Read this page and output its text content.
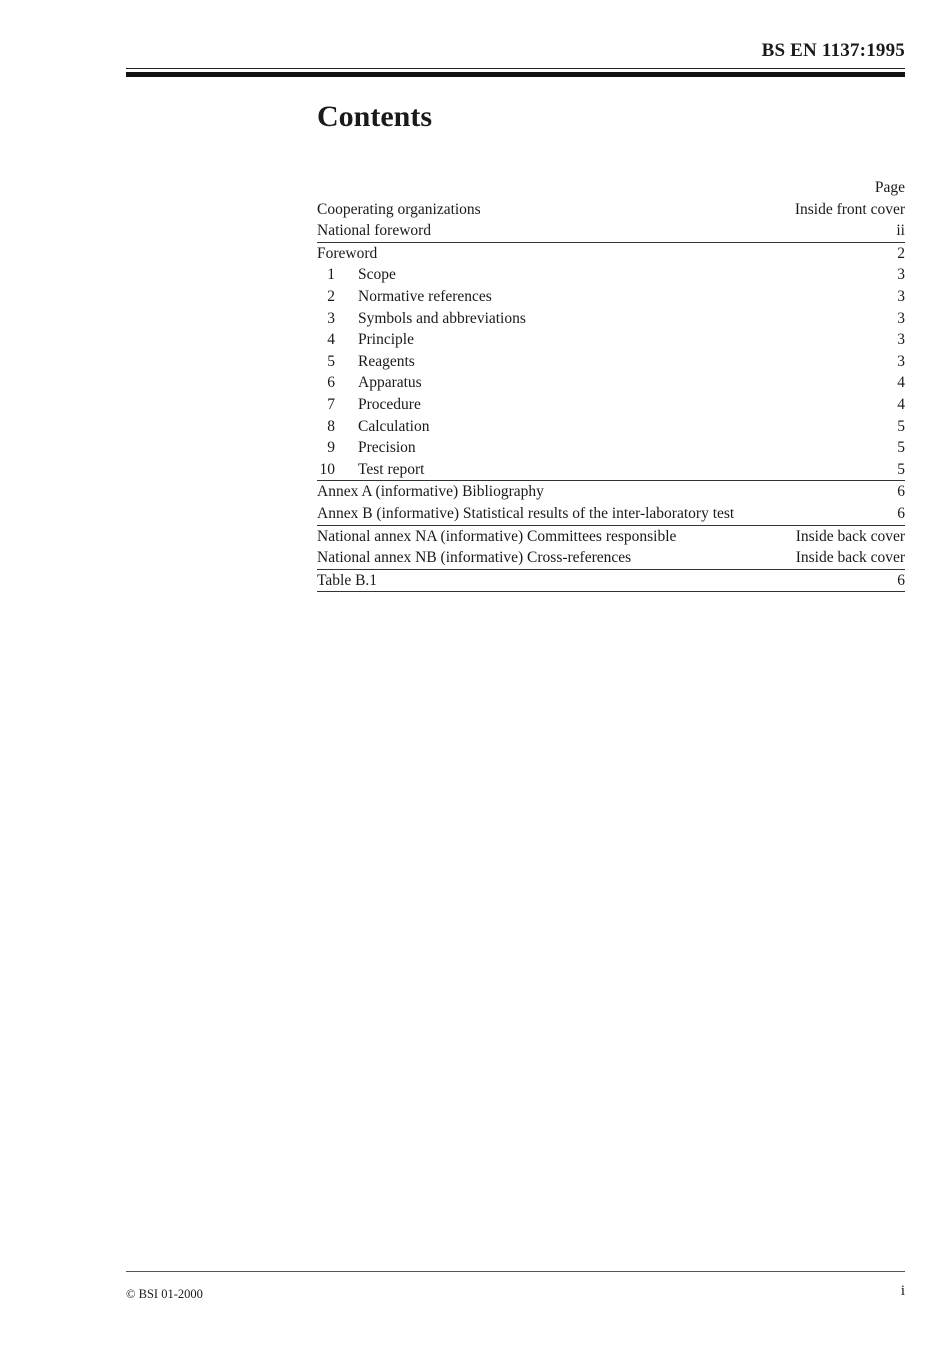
BS EN 1137:1995
Contents
Page
Cooperating organizations	Inside front cover
National foreword	ii
Foreword	2
1 Scope	3
2 Normative references	3
3 Symbols and abbreviations	3
4 Principle	3
5 Reagents	3
6 Apparatus	4
7 Procedure	4
8 Calculation	5
9 Precision	5
10 Test report	5
Annex A (informative) Bibliography	6
Annex B (informative) Statistical results of the inter-laboratory test	6
National annex NA (informative) Committees responsible	Inside back cover
National annex NB (informative) Cross-references	Inside back cover
Table B.1	6
© BSI 01-2000	i
